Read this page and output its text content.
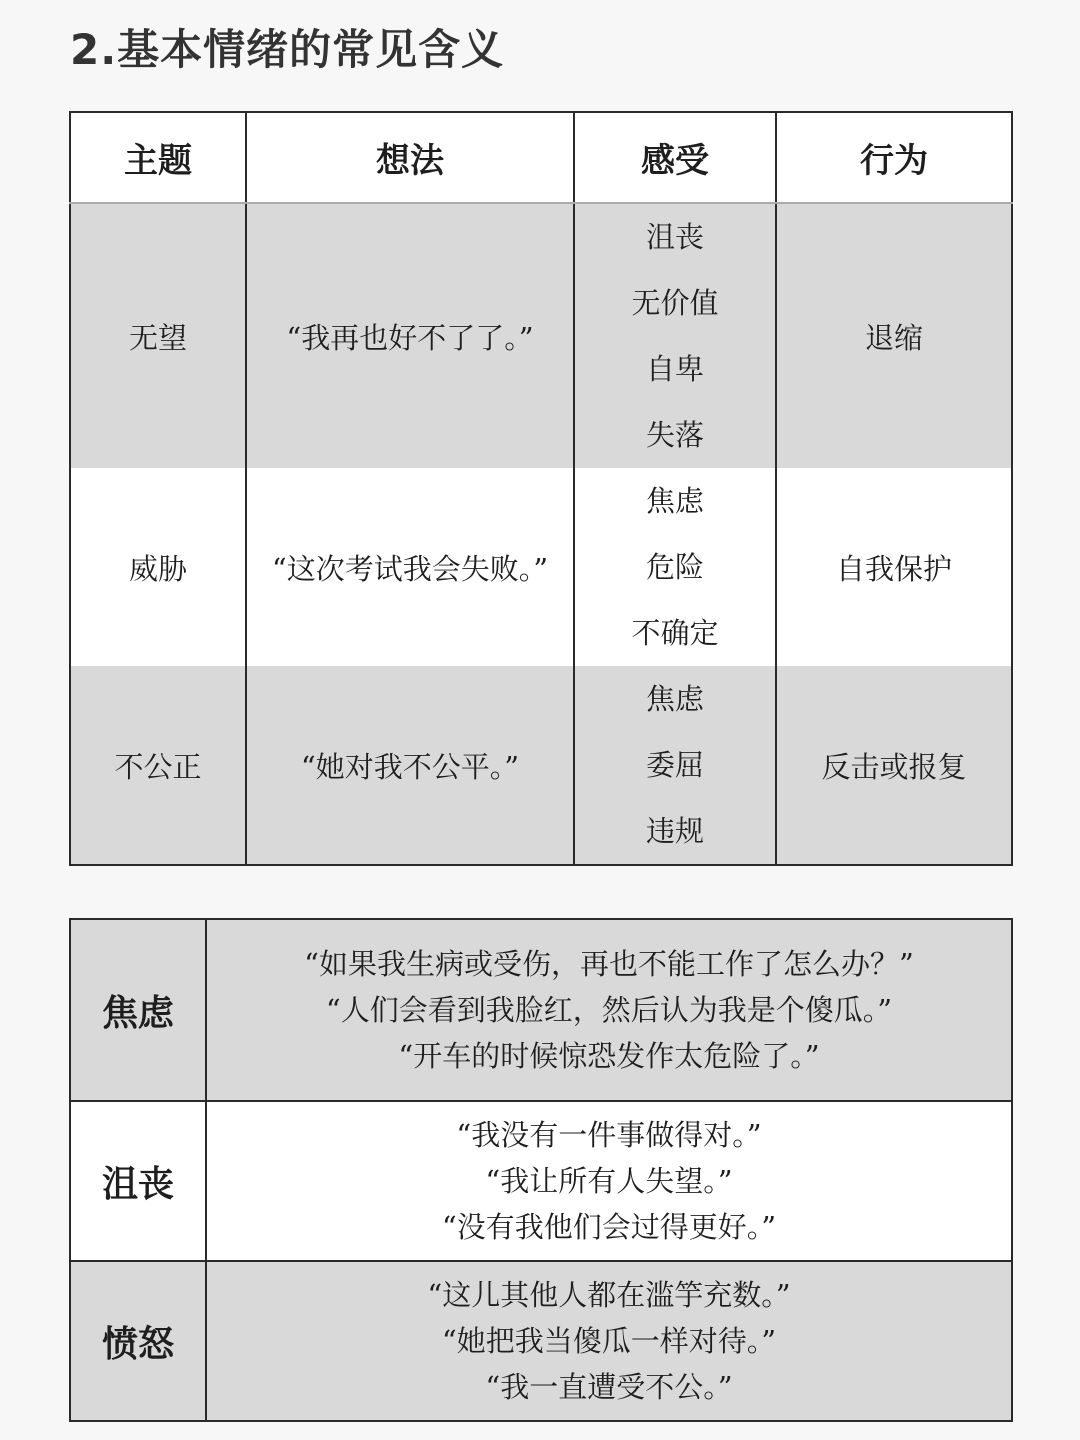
2.基本情绪的常见含义
主题	想法	感受	行为
无望	“我再也好不了了。”	沮丧
无价值
自卑
失落	退缩
威胁	“这次考试我会失败。”	焦虑
危险
不确定	自我保护
不公正	“她对我不公平。”	焦虑
委屈
违规	反击或报复
焦虑	“如果我生病或受伤，再也不能工作了怎么办？”
“人们会看到我脸红，然后认为我是个傻瓜。”
“开车的时候惊恐发作太危险了。”

沮丧	“我没有一件事做得对。”
“我让所有人失望。”
“没有我他们会过得更好。”

愤怒	“这儿其他人都在滥竽充数。”
“她把我当傻瓜一样对待。”
“我一直遭受不公。”
